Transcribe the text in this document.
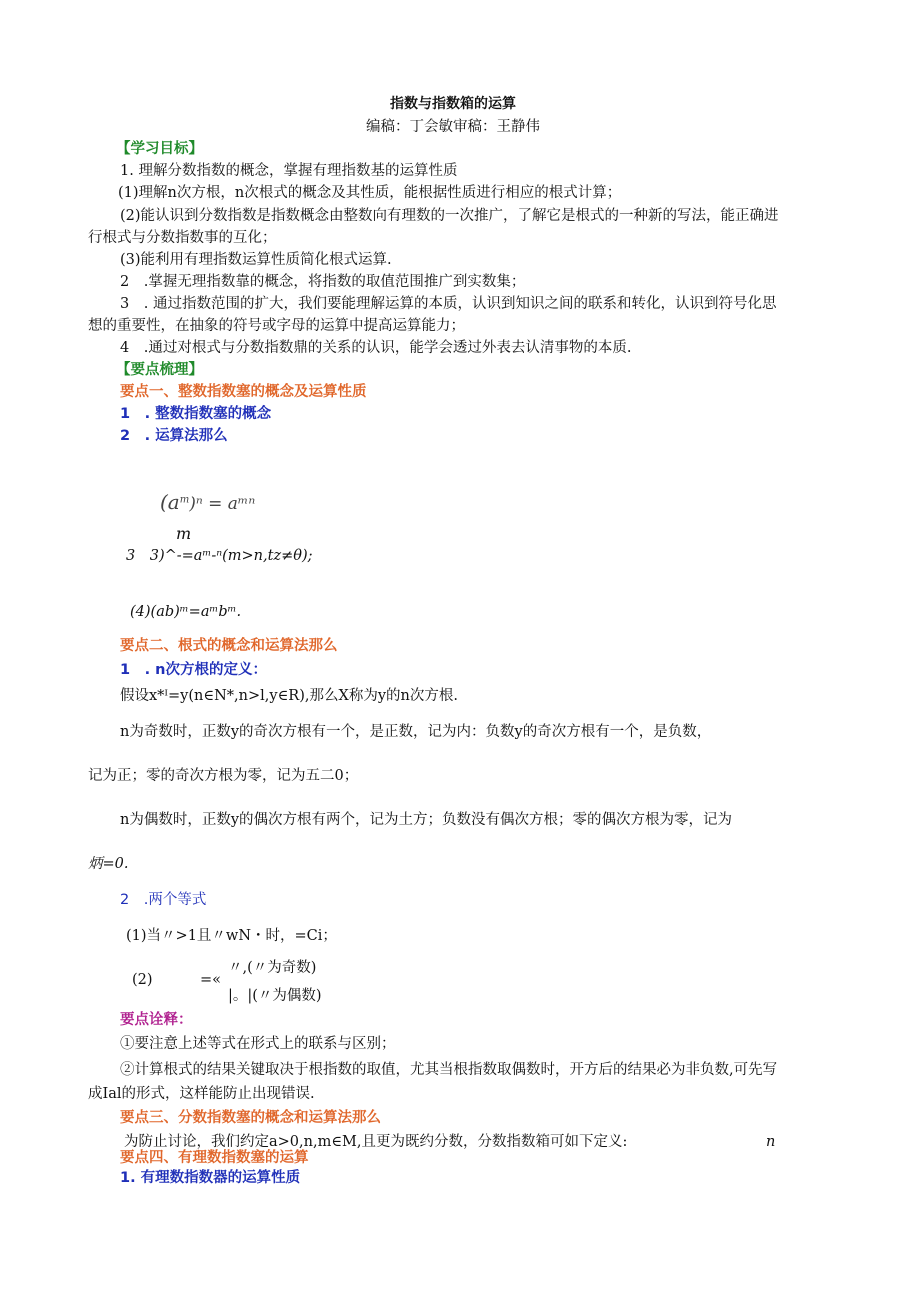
指数与指数箱的运算
编稿：丁会敏审稿：王静伟
【学习目标】
1. 理解分数指数的概念，掌握有理指数基的运算性质
(1)理解n次方根，n次根式的概念及其性质，能根据性质进行相应的根式计算；
(2)能认识到分数指数是指数概念由整数向有理数的一次推广，了解它是根式的一种新的写法，能正确进
行根式与分数指数事的互化；
(3)能利用有理指数运算性质简化根式运算.
2　.掌握无理指数靠的概念，将指数的取值范围推广到实数集；
3　. 通过指数范围的扩大，我们要能理解运算的本质，认识到知识之间的联系和转化，认识到符号化思
想的重要性，在抽象的符号或字母的运算中提高运算能力；
4　.通过对根式与分数指数鼎的关系的认识，能学会透过外表去认清事物的本质.
【要点梳理】
要点一、整数指数塞的概念及运算性质
1　. 整数指数塞的概念
2　. 运算法那么
$(a^m)^n$ = aᵐⁿ
m
3　3)^-=aᵐ-ⁿ(m>n,tz≠θ);
(4)(ab)ᵐ=aᵐbᵐ.
要点二、根式的概念和运算法那么
1　. n次方根的定义：
假设x*ᴵ=y(n∈N*,n>l,y∈R),那么X称为y的n次方根.
n为奇数时，正数y的奇次方根有一个，是正数，记为内：负数y的奇次方根有一个，是负数，
记为正；零的奇次方根为零，记为五二0；
n为偶数时，正数y的偶次方根有两个，记为土方；负数没有偶次方根；零的偶次方根为零，记为
炳=0.
2　.两个等式
(1)当〃>1且〃wN・时，=Ci；
(2)	=«
〃,(〃为奇数)
|。|(〃为偶数)
要点诠释：
①要注意上述等式在形式上的联系与区别；
②计算根式的结果关键取决于根指数的取值，尤其当根指数取偶数时，开方后的结果必为非负数,可先写
成Ial的形式，这样能防止出现错误.
要点三、分数指数塞的概念和运算法那么
为防止讨论，我们约定a>0,n,m∈M,且更为既约分数，分数指数箱可如下定义:	n
要点四、有理数指数塞的运算
1. 有理数指数器的运算性质
